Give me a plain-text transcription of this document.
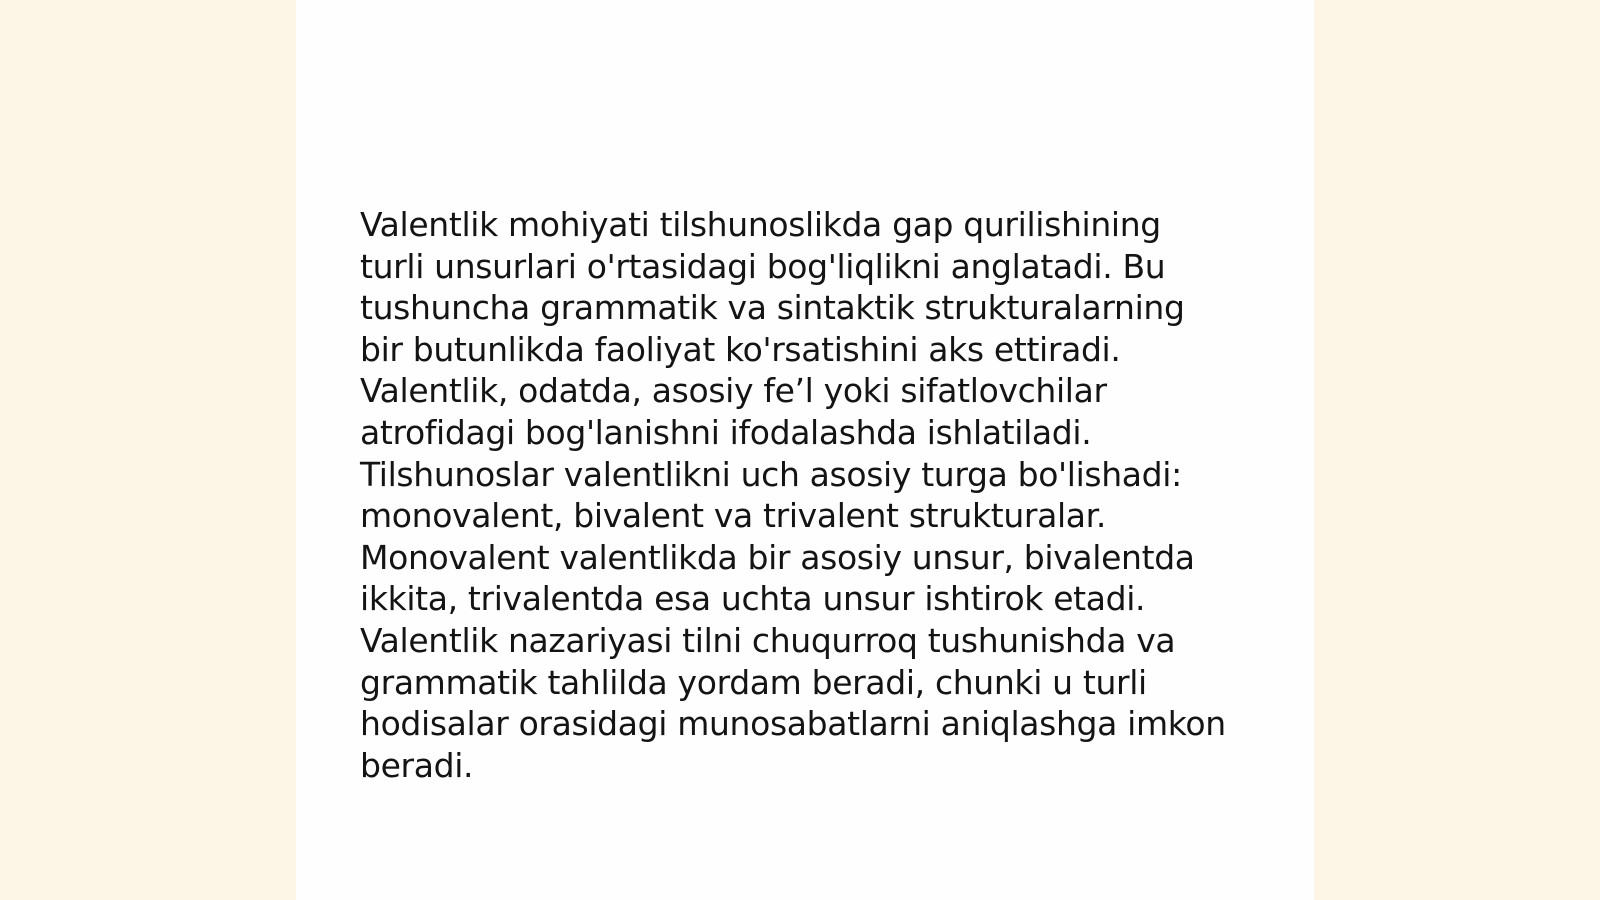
Valentlik mohiyati tilshunoslikda gap qurilishining
turli unsurlari o'rtasidagi bog'liqlikni anglatadi. Bu
tushuncha grammatik va sintaktik strukturalarning
bir butunlikda faoliyat ko'rsatishini aks ettiradi.
Valentlik, odatda, asosiy fe’l yoki sifatlovchilar
atrofidagi bog'lanishni ifodalashda ishlatiladi.
Tilshunoslar valentlikni uch asosiy turga bo'lishadi:
monovalent, bivalent va trivalent strukturalar.
Monovalent valentlikda bir asosiy unsur, bivalentda
ikkita, trivalentda esa uchta unsur ishtirok etadi.
Valentlik nazariyasi tilni chuqurroq tushunishda va
grammatik tahlilda yordam beradi, chunki u turli
hodisalar orasidagi munosabatlarni aniqlashga imkon
beradi.
